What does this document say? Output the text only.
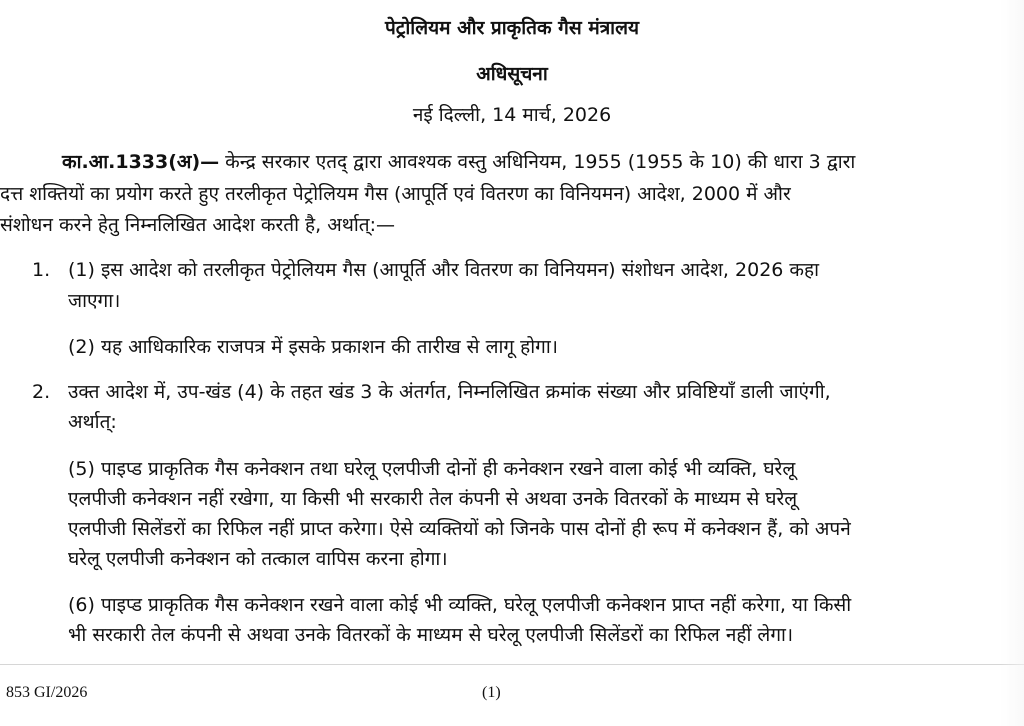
पेट्रोलियम और प्राकृतिक गैस मंत्रालय
अधिसूचना
नई दिल्ली, 14 मार्च, 2026
का.आ.1333(अ)— केन्द्र सरकार एतद् द्वारा आवश्यक वस्तु अधिनियम, 1955 (1955 के 10) की धारा 3 द्वारा
दत्त शक्तियों का प्रयोग करते हुए तरलीकृत पेट्रोलियम गैस (आपूर्ति एवं वितरण का विनियमन) आदेश, 2000 में और
संशोधन करने हेतु निम्नलिखित आदेश करती है, अर्थात्:—
1. (1) इस आदेश को तरलीकृत पेट्रोलियम गैस (आपूर्ति और वितरण का विनियमन) संशोधन आदेश, 2026 कहा
जाएगा।
(2) यह आधिकारिक राजपत्र में इसके प्रकाशन की तारीख से लागू होगा।
2. उक्त आदेश में, उप-खंड (4) के तहत खंड 3 के अंतर्गत, निम्नलिखित क्रमांक संख्या और प्रविष्टियाँ डाली जाएंगी,
अर्थात्:
(5) पाइप्ड प्राकृतिक गैस कनेक्शन तथा घरेलू एलपीजी दोनों ही कनेक्शन रखने वाला कोई भी व्यक्ति, घरेलू
एलपीजी कनेक्शन नहीं रखेगा, या किसी भी सरकारी तेल कंपनी से अथवा उनके वितरकों के माध्यम से घरेलू
एलपीजी सिलेंडरों का रिफिल नहीं प्राप्त करेगा। ऐसे व्यक्तियों को जिनके पास दोनों ही रूप में कनेक्शन हैं, को अपने
घरेलू एलपीजी कनेक्शन को तत्काल वापिस करना होगा।
(6) पाइप्ड प्राकृतिक गैस कनेक्शन रखने वाला कोई भी व्यक्ति, घरेलू एलपीजी कनेक्शन प्राप्त नहीं करेगा, या किसी
भी सरकारी तेल कंपनी से अथवा उनके वितरकों के माध्यम से घरेलू एलपीजी सिलेंडरों का रिफिल नहीं लेगा।
853 GI/2026	(1)
